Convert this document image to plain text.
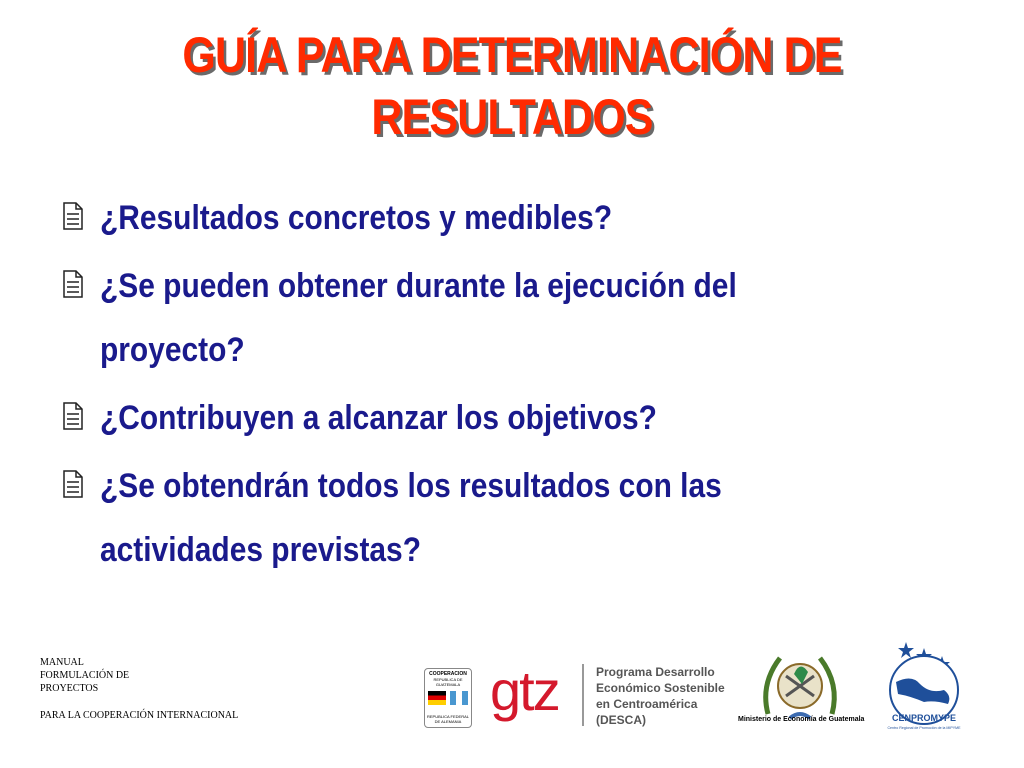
GUÍA PARA DETERMINACIÓN DE
RESULTADOS
¿Resultados concretos y medibles?
¿Se pueden obtener durante la ejecución del
proyecto?
¿Contribuyen a alcanzar los objetivos?
¿Se obtendrán todos los resultados con las
actividades previstas?
MANUAL
FORMULACIÓN DE
PROYECTOS
PARA LA COOPERACIÓN INTERNACIONAL
COOPERACION
REPUBLICA DE GUATEMALA
REPUBLICA FEDERAL DE ALEMANIA gtz	Programa Desarrollo
Económico Sostenible
en Centroamérica
(DESCA)	Ministerio de Economía de Guatemala	CENPROMYPE
Centro Regional de Promoción de la MIPYME
